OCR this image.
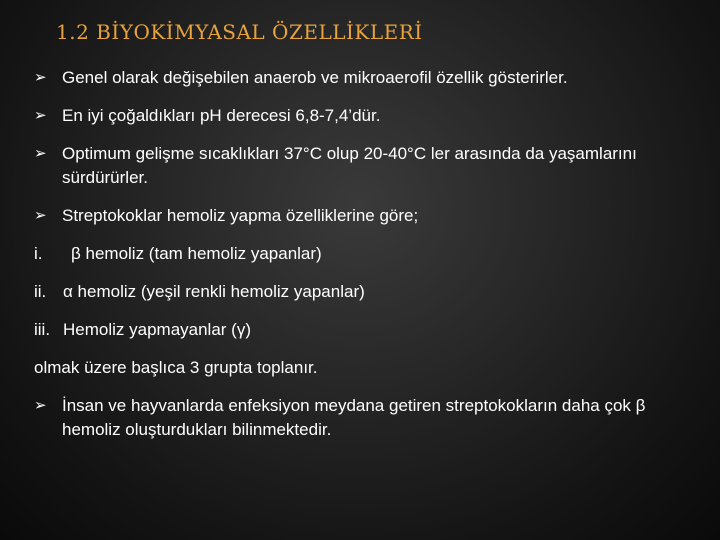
1.2 BİYOKİMYASAL ÖZELLİKLERİ
➢ Genel olarak değişebilen anaerob ve mikroaerofil özellik gösterirler.
➢ En iyi çoğaldıkları pH derecesi 6,8-7,4’dür.
➢ Optimum gelişme sıcaklıkları 37°C olup 20-40°C ler arasında da yaşamlarını sürdürürler.
➢ Streptokoklar hemoliz yapma özelliklerine göre;
i. β hemoliz (tam hemoliz yapanlar)
ii. α hemoliz (yeşil renkli hemoliz yapanlar)
iii. Hemoliz yapmayanlar (γ)
olmak üzere başlıca 3 grupta toplanır.
➢ İnsan ve hayvanlarda enfeksiyon meydana getiren streptokokların daha çok β hemoliz oluşturdukları bilinmektedir.
